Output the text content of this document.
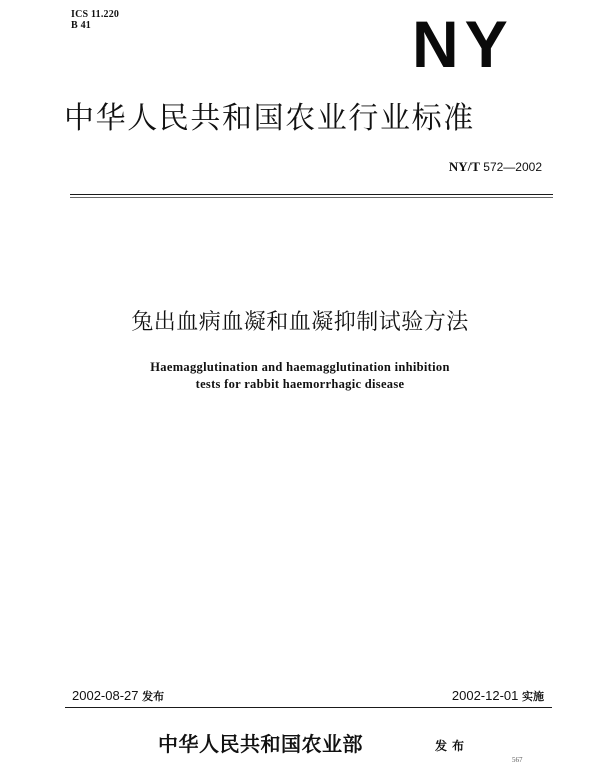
ICS 11.220
B 41	NY
中华人民共和国农业行业标准
NY/T 572—2002
兔出血病血凝和血凝抑制试验方法
Haemagglutination and haemagglutination inhibition
tests for rabbit haemorrhagic disease
2002-08-27 发布	2002-12-01 实施
中华人民共和国农业部	发布
567
